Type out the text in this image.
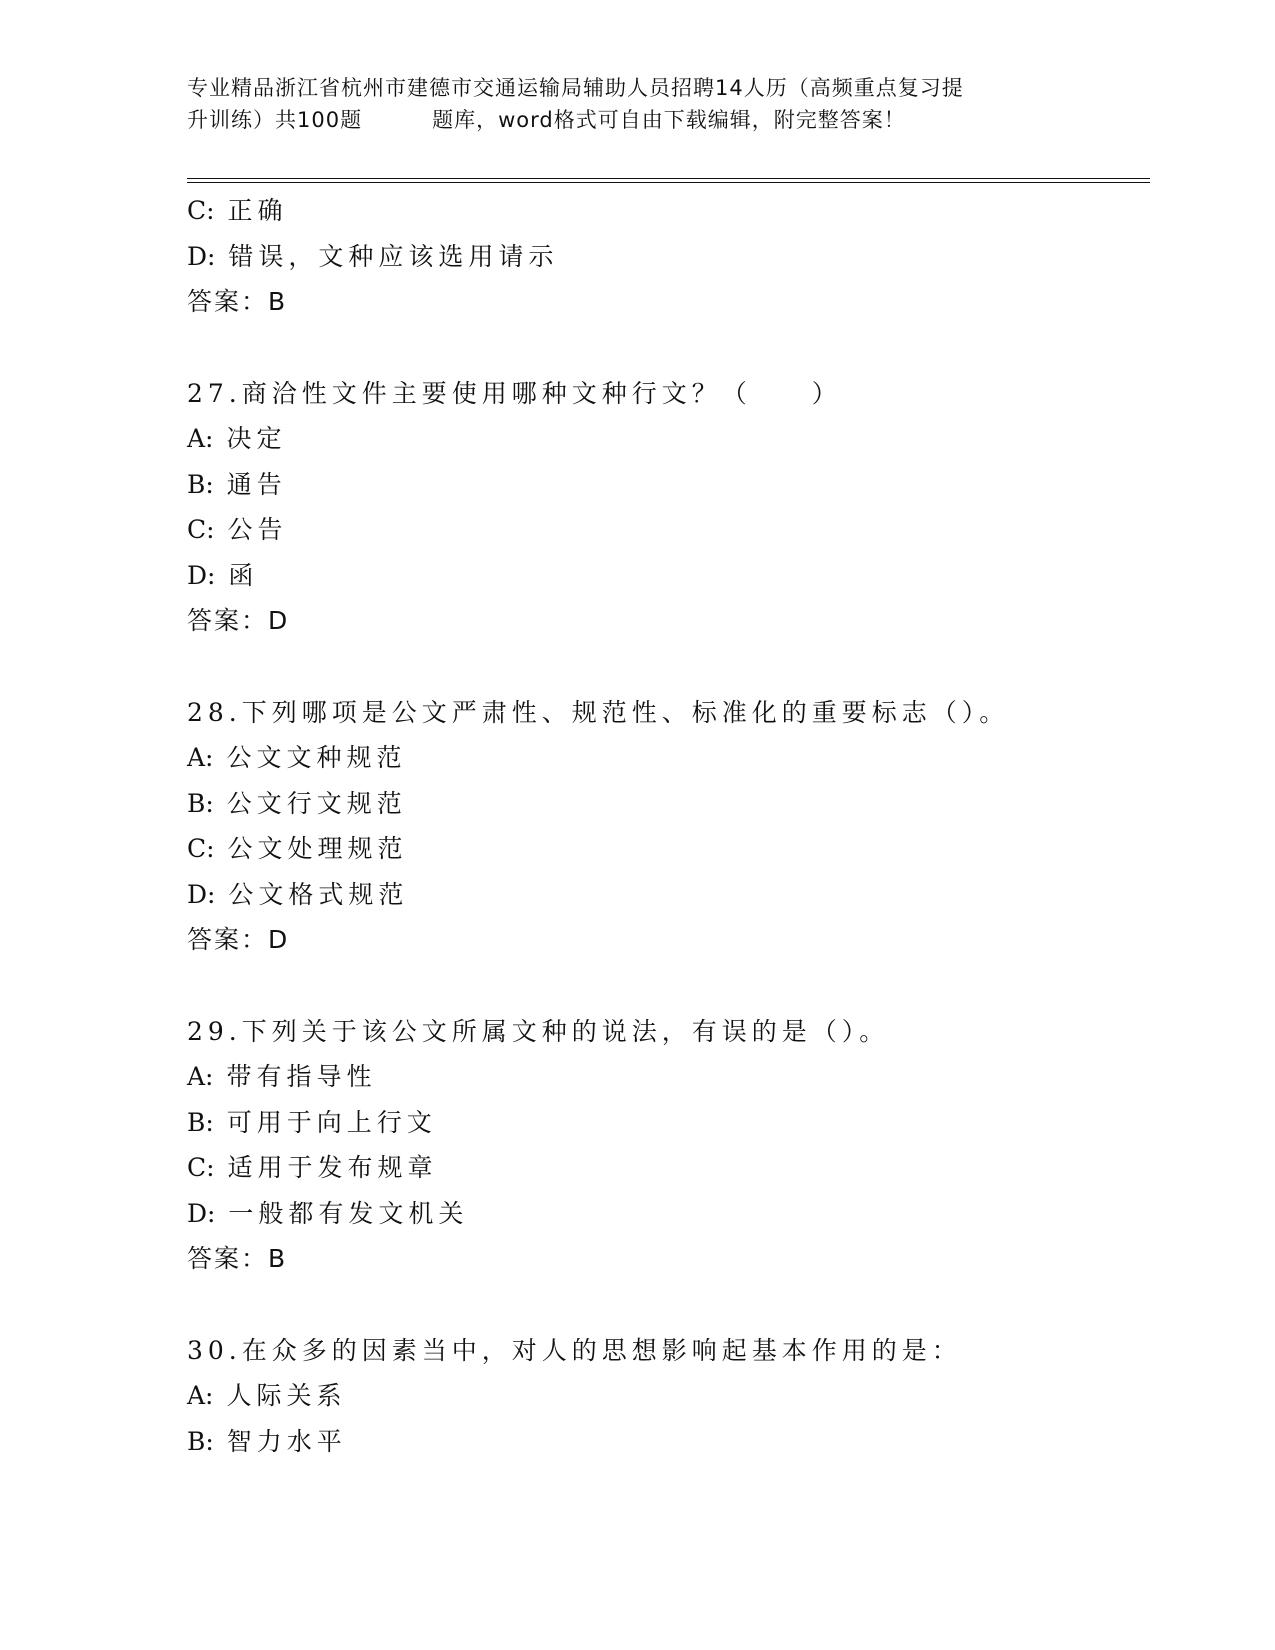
专业精品浙江省杭州市建德市交通运输局辅助人员招聘14人历（高频重点复习提
升训练）共100题	题库，word格式可自由下载编辑，附完整答案！
C: 正确
D: 错误，文种应该选用请示
答案：B
27.商洽性文件主要使用哪种文种行文？（　　）
A: 决定
B: 通告
C: 公告
D: 函
答案：D
28.下列哪项是公文严肃性、规范性、标准化的重要标志（）。
A: 公文文种规范
B: 公文行文规范
C: 公文处理规范
D: 公文格式规范
答案：D
29.下列关于该公文所属文种的说法，有误的是（）。
A: 带有指导性
B: 可用于向上行文
C: 适用于发布规章
D: 一般都有发文机关
答案：B
30.在众多的因素当中，对人的思想影响起基本作用的是：
A: 人际关系
B: 智力水平
